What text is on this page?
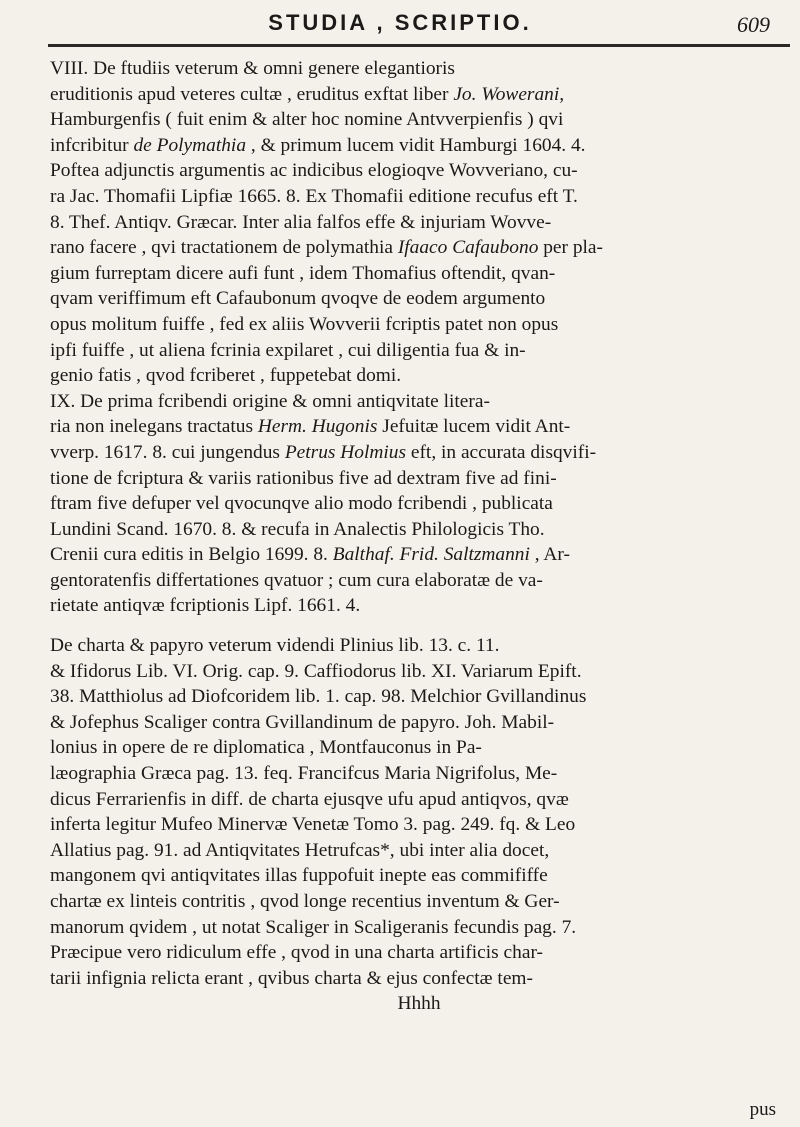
STUDIA , SCRIPTIO.	609
VIII. De ftudiis veterum & omni genere elegantioris
eruditionis apud veteres cultæ , eruditus exftat liber Jo. Wowerani,
Hamburgenfis ( fuit enim & alter hoc nomine Antvverpienfis ) qvi
infcribitur de Polymathia , & primum lucem vidit Hamburgi 1604. 4.
Poftea adjunctis argumentis ac indicibus elogioqve Wovveriano, cu-
ra Jac. Thomafii Lipfiæ 1665. 8. Ex Thomafii editione recufus eft T.
8. Thef. Antiqv. Græcar. Inter alia falfos effe & injuriam Wovve-
rano facere , qvi tractationem de polymathia Ifaaco Cafaubono per pla-
gium furreptam dicere aufi funt , idem Thomafius oftendit, qvan-
qvam veriffimum eft Cafaubonum qvoqve de eodem argumento
opus molitum fuiffe , fed ex aliis Wovverii fcriptis patet non opus
ipfi fuiffe , ut aliena fcrinia expilaret , cui diligentia fua & in-
genio fatis , qvod fcriberet , fuppetebat domi.
IX. De prima fcribendi origine & omni antiqvitate litera-
ria non inelegans tractatus Herm. Hugonis Jefuitæ lucem vidit Ant-
vverp. 1617. 8. cui jungendus Petrus Holmius eft, in accurata disqvifi-
tione de fcriptura & variis rationibus five ad dextram five ad fini-
ftram five defuper vel qvocunqve alio modo fcribendi , publicata
Lundini Scand. 1670. 8. & recufa in Analectis Philologicis Tho.
Crenii cura editis in Belgio 1699. 8. Balthaf. Frid. Saltzmanni , Ar-
gentoratenfis differtationes qvatuor ; cum cura elaboratæ de va-
rietate antiqvæ fcriptionis Lipf. 1661. 4.
De charta & papyro veterum videndi Plinius lib. 13. c. 11.
& Ifidorus Lib. VI. Orig. cap. 9. Caffiodorus lib. XI. Variarum Epift.
38. Matthiolus ad Diofcoridem lib. 1. cap. 98. Melchior Gvillandinus
& Jofephus Scaliger contra Gvillandinum de papyro. Joh. Mabil-
lonius in opere de re diplomatica , Montfauconus in Pa-
læographia Græca pag. 13. feq. Francifcus Maria Nigrifolus, Me-
dicus Ferrarienfis in diff. de charta ejusqve ufu apud antiqvos, qvæ
inferta legitur Mufeo Minervæ Venetæ Tomo 3. pag. 249. fq. & Leo
Allatius pag. 91. ad Antiqvitates Hetrufcas*, ubi inter alia docet,
mangonem qvi antiqvitates illas fuppofuit inepte eas commififfe
chartæ ex linteis contritis , qvod longe recentius inventum & Ger-
manorum qvidem , ut notat Scaliger in Scaligeranis fecundis pag. 7.
Præcipue vero ridiculum effe , qvod in una charta artificis char-
tarii infignia relicta erant , qvibus charta & ejus confectæ tem-
Hhhh
pus
